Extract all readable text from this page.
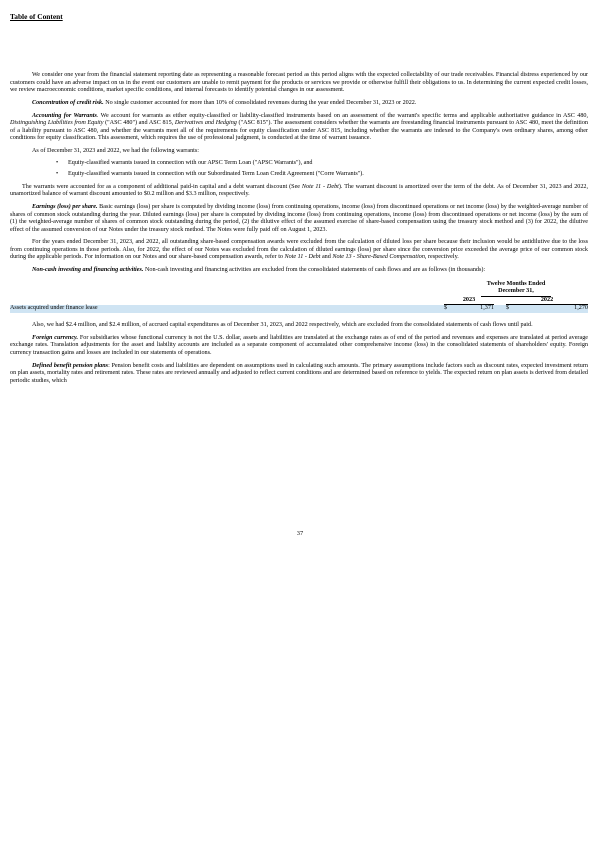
Table of Content

We consider one year from the financial statement reporting date as representing a reasonable forecast period as this period aligns with the expected collectability of our trade receivables. Financial distress experienced by our customers could have an adverse impact on us in the event our customers are unable to remit payment for the products or services we provide or otherwise fulfill their obligations to us. In determining the current expected credit losses, we review macroeconomic conditions, market specific conditions, and internal forecasts to identify potential changes in our assessment.

Concentration of credit risk. No single customer accounted for more than 10% of consolidated revenues during the year ended December 31, 2023 or 2022.

Accounting for Warrants. We account for warrants as either equity-classified or liability-classified instruments based on an assessment of the warrant's specific terms and applicable authoritative guidance in ASC 480, Distinguishing Liabilities from Equity ("ASC 480") and ASC 815, Derivatives and Hedging ("ASC 815"). The assessment considers whether the warrants are freestanding financial instruments pursuant to ASC 480, meet the definition of a liability pursuant to ASC 480, and whether the warrants meet all of the requirements for equity classification under ASC 815, including whether the warrants are indexed to the Company's own ordinary shares, among other conditions for equity classification. This assessment, which requires the use of professional judgment, is conducted at the time of warrant issuance.

As of December 31, 2023 and 2022, we had the following warrants:

• Equity-classified warrants issued in connection with our APSC Term Loan ("APSC Warrants"), and
• Equity-classified warrants issued in connection with our Subordinated Term Loan Credit Agreement ("Corre Warrants").

The warrants were accounted for as a component of additional paid-in capital and a debt warrant discount (See Note 11 - Debt). The warrant discount is amortized over the term of the debt. As of December 31, 2023 and 2022, unamortized balance of warrant discount amounted to $0.2 million and $3.3 million, respectively.

Earnings (loss) per share. Basic earnings (loss) per share is computed by dividing income (loss) from continuing operations, income (loss) from discontinued operations or net income (loss) by the weighted-average number of shares of common stock outstanding during the year. Diluted earnings (loss) per share is computed by dividing income (loss) from continuing operations, income (loss) from discontinued operations or net income (loss) by the sum of (1) the weighted-average number of shares of common stock outstanding during the period, (2) the dilutive effect of the assumed exercise of share-based compensation using the treasury stock method and (3) for 2022, the dilutive effect of the assumed conversion of our Notes under the treasury stock method. The Notes were fully paid off on August 1, 2023.

For the years ended December 31, 2023, and 2022, all outstanding share-based compensation awards were excluded from the calculation of diluted loss per share because their inclusion would be antidilutive due to the loss from continuing operations in those periods. Also, for 2022, the effect of our Notes was excluded from the calculation of diluted earnings (loss) per share since the conversion price exceeded the average price of our common stock during the applicable periods. For information on our Notes and our share-based compensation awards, refer to Note 11 - Debt and Note 13 - Share-Based Compensation, respectively.

Non-cash investing and financing activities. Non-cash investing and financing activities are excluded from the consolidated statements of cash flows and are as follows (in thousands):

	Twelve Months Ended December 31,				
	2023			2022	
Assets acquired under finance lease	$	1,371		$	1,270

Also, we had $2.4 million, and $2.4 million, of accrued capital expenditures as of December 31, 2023, and 2022 respectively, which are excluded from the consolidated statements of cash flows until paid.

Foreign currency. For subsidiaries whose functional currency is not the U.S. dollar, assets and liabilities are translated at the exchange rates as of end of the period and revenues and expenses are translated at period average exchange rates. Translation adjustments for the asset and liability accounts are included as a separate component of accumulated other comprehensive income (loss) in the consolidated statements of shareholders' equity. Foreign currency transaction gains and losses are included in our statements of operations.

Defined benefit pension plans: Pension benefit costs and liabilities are dependent on assumptions used in calculating such amounts. The primary assumptions include factors such as discount rates, expected investment return on plan assets, mortality rates and retirement rates. These rates are reviewed annually and adjusted to reflect current conditions and are determined based on reference to yields. The expected return on plan assets is derived from detailed periodic studies, which

37
